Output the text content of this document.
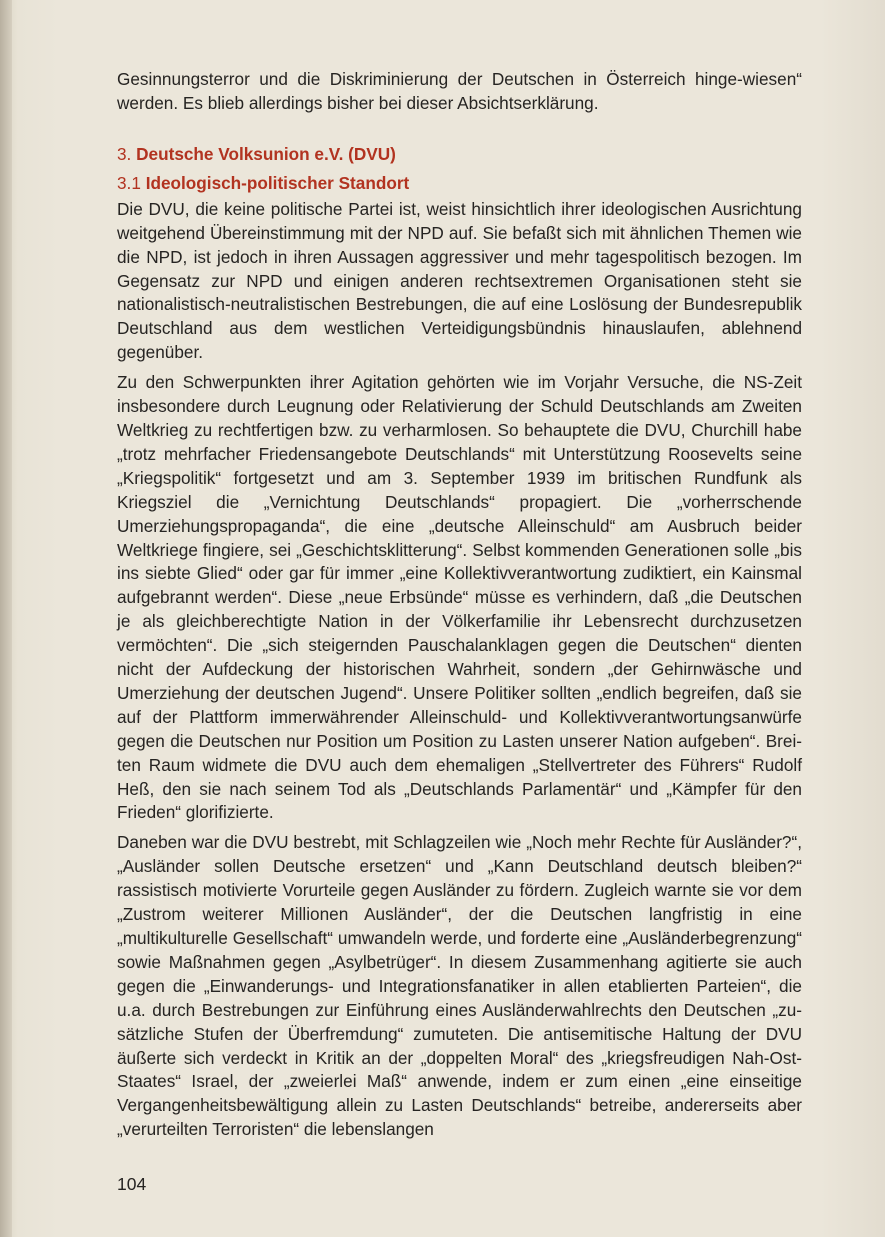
Gesinnungsterror und die Diskriminierung der Deutschen in Österreich hinge-wiesen“ werden. Es blieb allerdings bisher bei dieser Absichtserklärung.

3. Deutsche Volksunion e.V. (DVU)
3.1 Ideologisch-politischer Standort

Die DVU, die keine politische Partei ist, weist hinsichtlich ihrer ideologischen Ausrichtung weitgehend Übereinstimmung mit der NPD auf. Sie befaßt sich mit ähnlichen Themen wie die NPD, ist jedoch in ihren Aussagen aggressiver und mehr tagespolitisch bezogen. Im Gegensatz zur NPD und einigen anderen rechtsextremen Organisationen steht sie nationalistisch-neutralistischen Bestrebungen, die auf eine Loslösung der Bundesrepublik Deutschland aus dem westlichen Verteidigungsbündnis hinauslaufen, ablehnend gegenüber.

Zu den Schwerpunkten ihrer Agitation gehörten wie im Vorjahr Versuche, die NS-Zeit insbesondere durch Leugnung oder Relativierung der Schuld Deutschlands am Zweiten Weltkrieg zu rechtfertigen bzw. zu verharmlosen. So behauptete die DVU, Churchill habe „trotz mehrfacher Friedensangebote Deutschlands“ mit Unterstützung Roosevelts seine „Kriegspolitik“ fortgesetzt und am 3. September 1939 im britischen Rundfunk als Kriegsziel die „Vernichtung Deutschlands“ propagiert. Die „vorherrschende Umerziehungspropaganda“, die eine „deutsche Alleinschuld“ am Ausbruch beider Weltkriege fingiere, sei „Geschichtsklitterung“. Selbst kommenden Generationen solle „bis ins siebte Glied“ oder gar für immer „eine Kollektivverantwortung zudiktiert, ein Kainsmal aufgebrannt werden“. Diese „neue Erbsünde“ müsse es verhindern, daß „die Deutschen je als gleichberechtigte Nation in der Völkerfamilie ihr Lebensrecht durchzusetzen vermöchten“. Die „sich steigernden Pauschalanklagen gegen die Deutschen“ dienten nicht der Aufdeckung der historischen Wahrheit, sondern „der Gehirnwäsche und Umerziehung der deutschen Jugend“. Unsere Politiker sollten „endlich begreifen, daß sie auf der Plattform immerwährender Alleinschuld- und Kollektivverantwortungsanwürfe gegen die Deutschen nur Position um Position zu Lasten unserer Nation aufgeben“. Breiten Raum widmete die DVU auch dem ehemaligen „Stellvertreter des Führers“ Rudolf Heß, den sie nach seinem Tod als „Deutschlands Parlamentär“ und „Kämpfer für den Frieden“ glorifizierte.

Daneben war die DVU bestrebt, mit Schlagzeilen wie „Noch mehr Rechte für Ausländer?“, „Ausländer sollen Deutsche ersetzen“ und „Kann Deutschland deutsch bleiben?“ rassistisch motivierte Vorurteile gegen Ausländer zu fördern. Zugleich warnte sie vor dem „Zustrom weiterer Millionen Ausländer“, der die Deutschen langfristig in eine „multikulturelle Gesellschaft“ umwandeln werde, und forderte eine „Ausländerbegrenzung“ sowie Maßnahmen gegen „Asylbetrüger“. In diesem Zusammenhang agitierte sie auch gegen die „Einwanderungs- und Integrationsfanatiker in allen etablierten Parteien“, die u.a. durch Bestrebungen zur Einführung eines Ausländerwahlrechts den Deutschen „zusätzliche Stufen der Überfremdung“ zumuteten. Die antisemitische Haltung der DVU äußerte sich verdeckt in Kritik an der „doppelten Moral“ des „kriegsfreudigen Nah-Ost-Staates“ Israel, der „zweierlei Maß“ anwende, indem er zum einen „eine einseitige Vergangenheitsbewältigung allein zu Lasten Deutschlands“ betreibe, andererseits aber „verurteilten Terroristen“ die lebenslangen

104
